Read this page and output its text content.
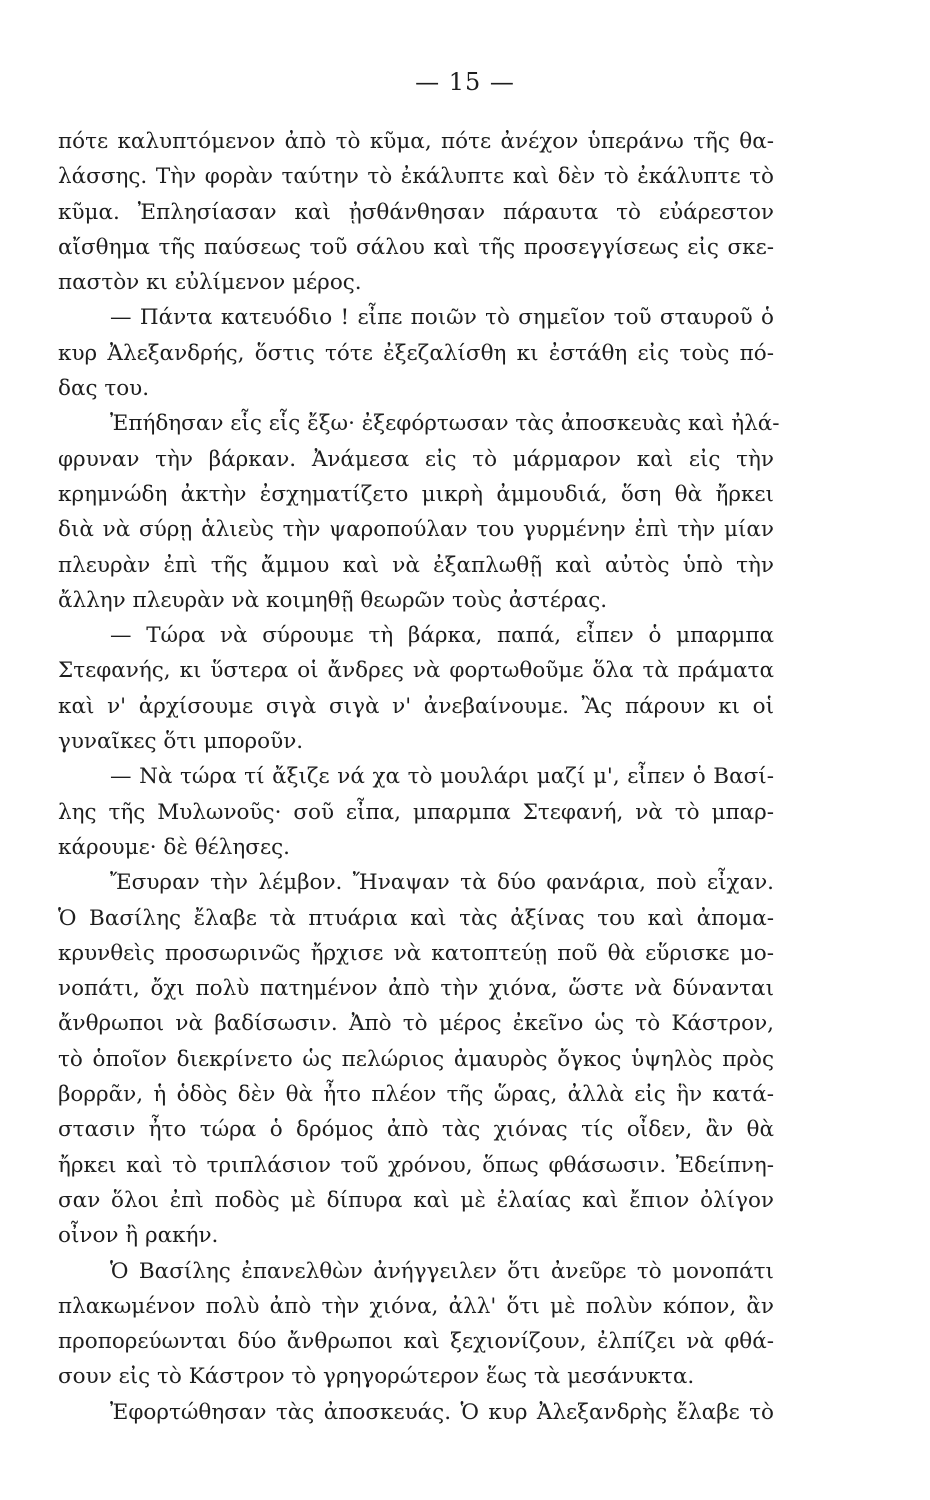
— 15 —
πότε καλυπτόμενον ἀπὸ τὸ κῦμα, πότε ἀνέχον ὑπεράνω τῆς θα-
λάσσης. Τὴν φορὰν ταύτην τὸ ἐκάλυπτε καὶ δὲν τὸ ἐκάλυπτε τὸ
κῦμα. Ἐπλησίασαν καὶ ᾐσθάνθησαν πάραυτα τὸ εὐάρεστον
αἴσθημα τῆς παύσεως τοῦ σάλου καὶ τῆς προσεγγίσεως εἰς σκε-
παστὸν κι εὐλίμενον μέρος.
— Πάντα κατευόδιο ! εἶπε ποιῶν τὸ σημεῖον τοῦ σταυροῦ ὁ
κυρ Ἀλεξανδρής, ὅστις τότε ἐξεζαλίσθη κι ἐστάθη εἰς τοὺς πό-
δας του.
Ἐπήδησαν εἷς εἷς ἔξω· ἐξεφόρτωσαν τὰς ἀποσκευὰς καὶ ἠλά-
φρυναν τὴν βάρκαν. Ἀνάμεσα εἰς τὸ μάρμαρον καὶ εἰς τὴν
κρημνώδη ἀκτὴν ἐσχηματίζετο μικρὴ ἀμμουδιά, ὅση θὰ ἤρκει
διὰ νὰ σύρῃ ἁλιεὺς τὴν ψαροπούλαν του γυρμένην ἐπὶ τὴν μίαν
πλευρὰν ἐπὶ τῆς ἄμμου καὶ νὰ ἐξαπλωθῇ καὶ αὐτὸς ὑπὸ τὴν
ἄλλην πλευρὰν νὰ κοιμηθῇ θεωρῶν τοὺς ἀστέρας.
— Τώρα νὰ σύρουμε τὴ βάρκα, παπά, εἶπεν ὁ μπαρμπα
Στεφανής, κι ὕστερα οἱ ἄνδρες νὰ φορτωθοῦμε ὅλα τὰ πράματα
καὶ ν' ἀρχίσουμε σιγὰ σιγὰ ν' ἀνεβαίνουμε. Ἂς πάρουν κι οἱ
γυναῖκες ὅτι μποροῦν.
— Νὰ τώρα τί ἄξιζε νά χα τὸ μουλάρι μαζί μ', εἶπεν ὁ Βασί-
λης τῆς Μυλωνοῦς· σοῦ εἶπα, μπαρμπα Στεφανή, νὰ τὸ μπαρ-
κάρουμε· δὲ θέλησες.
Ἔσυραν τὴν λέμβον. Ἤναψαν τὰ δύο φανάρια, ποὺ εἶχαν.
Ὁ Βασίλης ἔλαβε τὰ πτυάρια καὶ τὰς ἀξίνας του καὶ ἀπομα-
κρυνθεὶς προσωρινῶς ἤρχισε νὰ κατοπτεύῃ ποῦ θὰ εὕρισκε μο-
νοπάτι, ὄχι πολὺ πατημένον ἀπὸ τὴν χιόνα, ὥστε νὰ δύνανται
ἄνθρωποι νὰ βαδίσωσιν. Ἀπὸ τὸ μέρος ἐκεῖνο ὡς τὸ Κάστρον,
τὸ ὁποῖον διεκρίνετο ὡς πελώριος ἀμαυρὸς ὄγκος ὑψηλὸς πρὸς
βορρᾶν, ἡ ὁδὸς δὲν θὰ ἦτο πλέον τῆς ὥρας, ἀλλὰ εἰς ἣν κατά-
στασιν ἦτο τώρα ὁ δρόμος ἀπὸ τὰς χιόνας τίς οἶδεν, ἂν θὰ
ἤρκει καὶ τὸ τριπλάσιον τοῦ χρόνου, ὅπως φθάσωσιν. Ἐδείπνη-
σαν ὅλοι ἐπὶ ποδὸς μὲ δίπυρα καὶ μὲ ἐλαίας καὶ ἔπιον ὀλίγον
οἶνον ἢ ρακήν.
Ὁ Βασίλης ἐπανελθὼν ἀνήγγειλεν ὅτι ἀνεῦρε τὸ μονοπάτι
πλακωμένον πολὺ ἀπὸ τὴν χιόνα, ἀλλ' ὅτι μὲ πολὺν κόπον, ἂν
προπορεύωνται δύο ἄνθρωποι καὶ ξεχιονίζουν, ἐλπίζει νὰ φθά-
σουν εἰς τὸ Κάστρον τὸ γρηγορώτερον ἕως τὰ μεσάνυκτα.
Ἐφορτώθησαν τὰς ἀποσκευάς. Ὁ κυρ Ἀλεξανδρὴς ἔλαβε τὸ
